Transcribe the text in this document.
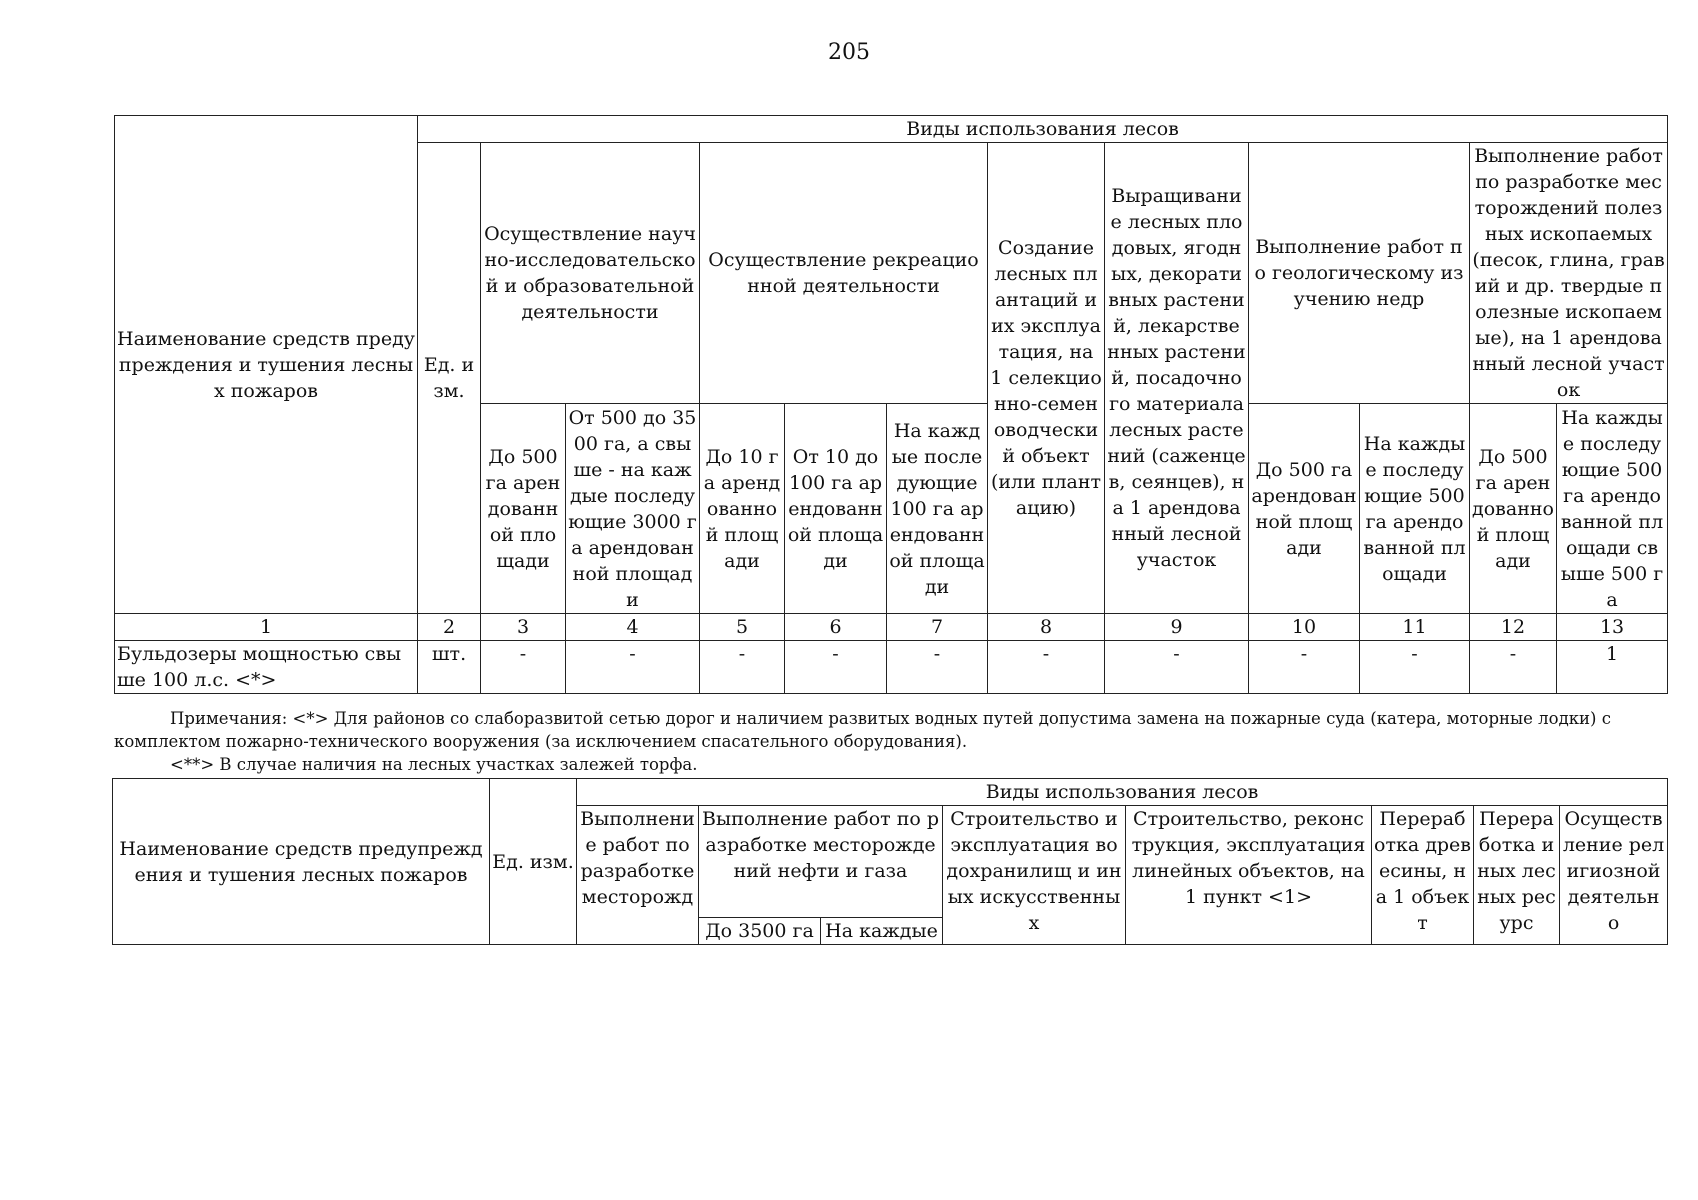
205
Наименование средств предупреждения и тушения лесных пожаров	Виды использования лесов											
	Ед. изм.	Осуществление научно-исследовательской и образовательной деятельности		Осуществление рекреационной деятельности			Создание лесных плантаций и их эксплуатация, на 1 селекционно-семеноводческий объект (или плантацию)	Выращивание лесных плодовых, ягодных, декоративных растений, лекарственных растений, посадочного материала лесных растений (саженцев, сеянцев), на 1 арендованный лесной участок	Выполнение работ по геологическому изучению недр		Выполнение работ по разработке месторождений полезных ископаемых (песок, глина, гравий и др. твердые полезные ископаемые), на 1 арендованный лесной участок	
		До 500 га арендованной площади	От 500 до 3500 га, а свыше - на каждые последующие 3000 га арендованной площади	До 10 га арендованной площади	От 10 до 100 га арендованной площади	На каждые последующие 100 га арендованной площади			До 500 га арендованной площади	На каждые последующие 500 га арендованной площади	До 500 га арендованной площади	На каждые последующие 500 га арендованной площади свыше 500 га
1	2	3	4	5	6	7	8	9	10	11	12	13
Бульдозеры мощностью свыше 100 л.с. <*>	шт.	-	-	-	-	-	-	-	-	-	-	1

Примечания: <*> Для районов со слаборазвитой сетью дорог и наличием развитых водных путей допустима замена на пожарные суда (катера, моторные лодки) с комплектом пожарно-технического вооружения (за исключением спасательного оборудования).

<**> В случае наличия на лесных участках залежей торфа.

Наименование средств предупреждения и тушения лесных пожаров	Ед. изм.	Виды использования лесов							
		Выполнение работ по разработке месторожд	Выполнение работ по разработке месторождений нефти и газа		Строительство и эксплуатация водохранилищ и иных искусственных	Строительство, реконструкция, эксплуатация линейных объектов, на 1 пункт <1>	Переработка древесины, на 1 объект	Переработка иных лесных ресурс	Осуществление религиозной деятельно
			До 3500 га	На каждые					
